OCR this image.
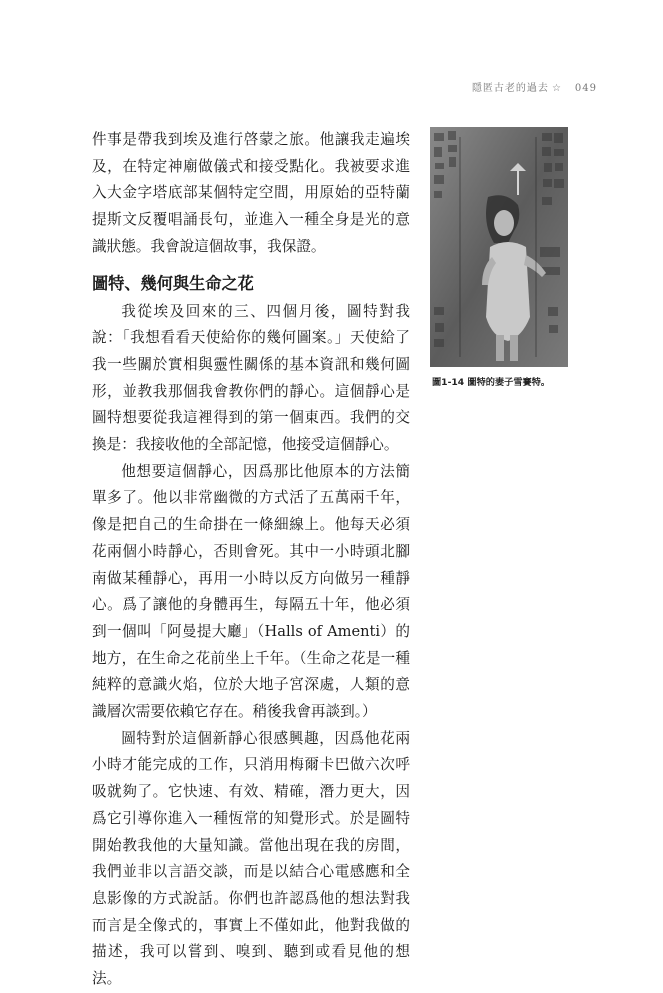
隱匿古老的過去 ☆ 049

件事是帶我到埃及進行啓蒙之旅。他讓我走遍埃及，在特定神廟做儀式和接受點化。我被要求進入大金字塔底部某個特定空間，用原始的亞特蘭提斯文反覆唱誦長句，並進入一種全身是光的意識狀態。我會說這個故事，我保證。

圖特、幾何與生命之花

我從埃及回來的三、四個月後，圖特對我說：「我想看看天使給你的幾何圖案。」天使給了我一些關於實相與靈性關係的基本資訊和幾何圖形，並教我那個我會教你們的靜心。這個靜心是圖特想要從我這裡得到的第一個東西。我們的交換是：我接收他的全部記憶，他接受這個靜心。

他想要這個靜心，因爲那比他原本的方法簡單多了。他以非常幽微的方式活了五萬兩千年，像是把自己的生命掛在一條細線上。他每天必須花兩個小時靜心，否則會死。其中一小時頭北腳南做某種靜心，再用一小時以反方向做另一種靜心。爲了讓他的身體再生，每隔五十年，他必須到一個叫「阿曼提大廳」（Halls of Amenti）的地方，在生命之花前坐上千年。（生命之花是一種純粹的意識火焰，位於大地子宮深處，人類的意識層次需要依賴它存在。稍後我會再談到。）

圖特對於這個新靜心很感興趣，因爲他花兩小時才能完成的工作，只消用梅爾卡巴做六次呼吸就夠了。它快速、有效、精確，潛力更大，因爲它引導你進入一種恆常的知覺形式。於是圖特開始教我他的大量知識。當他出現在我的房間，我們並非以言語交談，而是以結合心電感應和全息影像的方式說話。你們也許認爲他的想法對我而言是全像式的，事實上不僅如此，他對我做的描述，我可以嘗到、嗅到、聽到或看見他的想法。

圖1-14 圖特的妻子雪賽特。
